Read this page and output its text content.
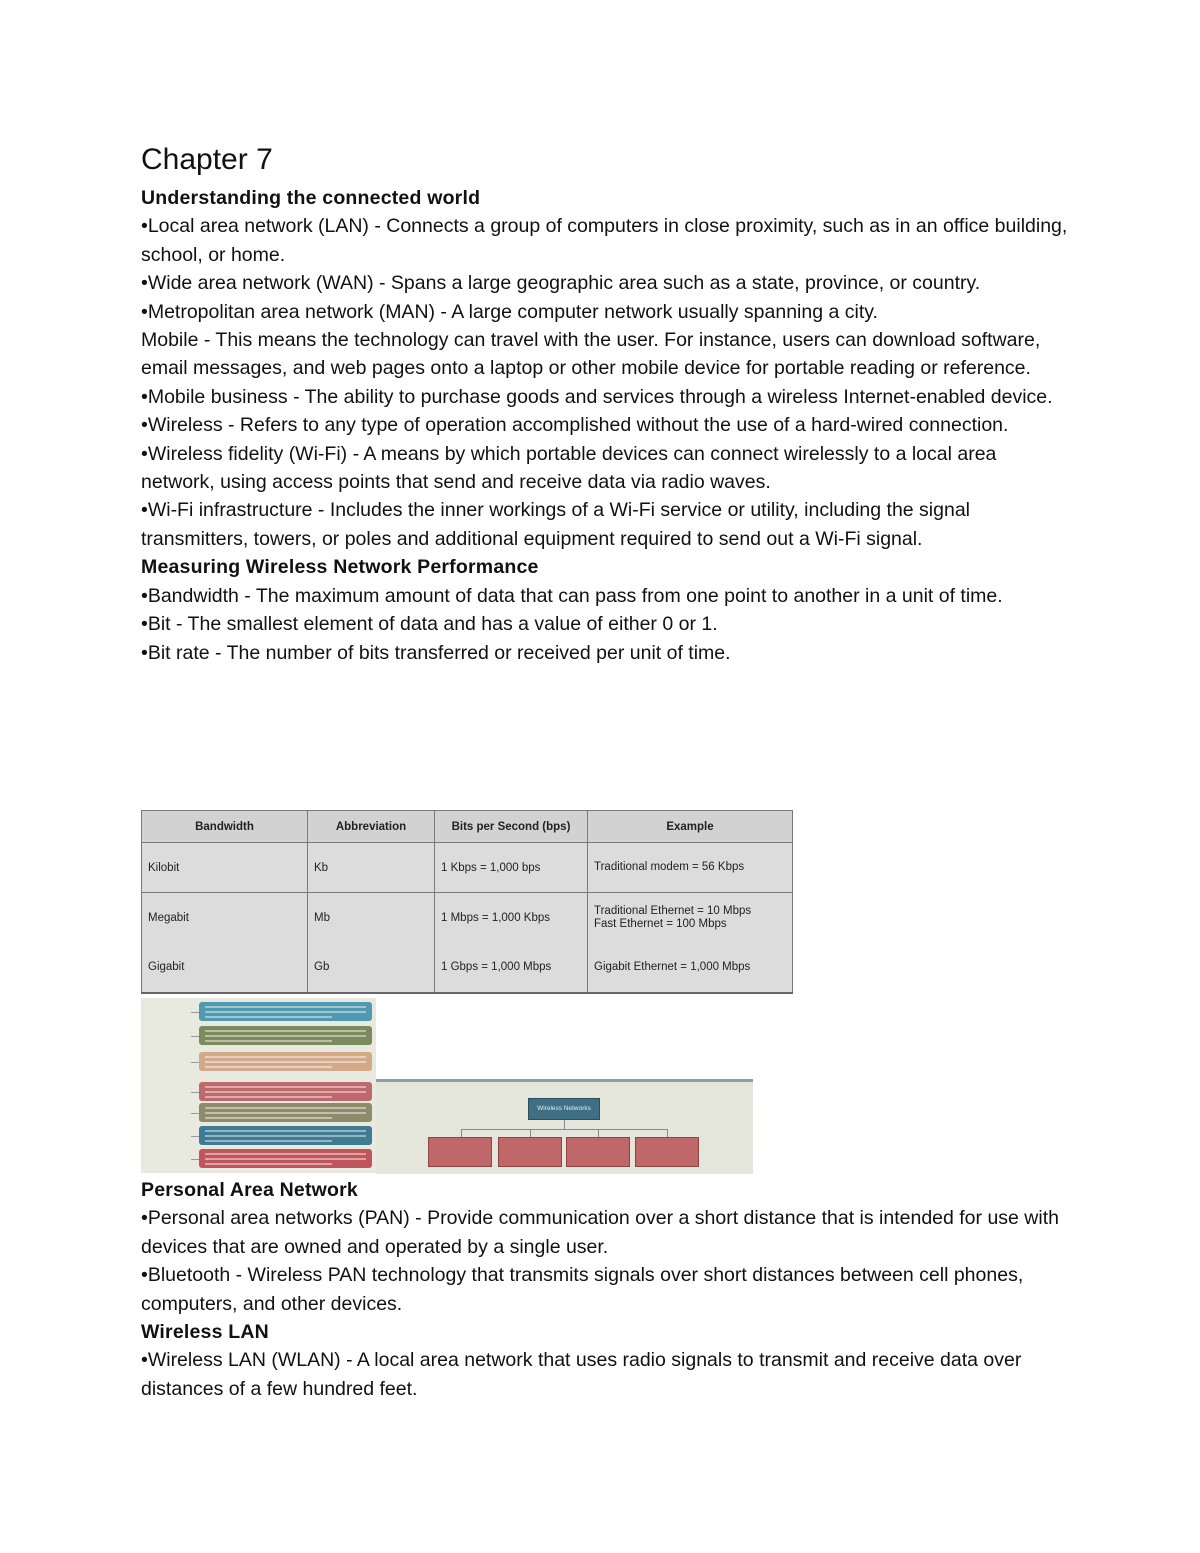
Chapter 7
Understanding the connected world
•Local area network (LAN) - Connects a group of computers in close proximity, such as in an office building, school, or home.
•Wide area network (WAN) - Spans a large geographic area such as a state, province, or country.
•Metropolitan area network (MAN) - A large computer network usually spanning a city.
Mobile - This means the technology can travel with the user. For instance, users can download software, email messages, and web pages onto a laptop or other mobile device for portable reading or reference.
•Mobile business - The ability to purchase goods and services through a wireless Internet-enabled device.
•Wireless - Refers to any type of operation accomplished without the use of a hard-wired connection.
•Wireless fidelity (Wi-Fi) - A means by which portable devices can connect wirelessly to a local area network, using access points that send and receive data via radio waves.
•Wi-Fi infrastructure - Includes the inner workings of a Wi-Fi service or utility, including the signal transmitters, towers, or poles and additional equipment required to send out a Wi-Fi signal.
Measuring Wireless Network Performance
•Bandwidth - The maximum amount of data that can pass from one point to another in a unit of time.
•Bit - The smallest element of data and has a value of either 0 or 1.
•Bit rate - The number of bits transferred or received per unit of time.
Bandwidth	Abbreviation	Bits per Second (bps)	Example
Kilobit	Kb	1 Kbps = 1,000 bps	Traditional modem = 56 Kbps
Megabit	Mb	1 Mbps = 1,000 Kbps	Traditional Ethernet = 10 Mbps
Fast Ethernet = 100 Mbps

Gigabit	Gb	1 Gbps = 1,000 Mbps	Gigabit Ethernet = 1,000 Mbps
Wireless Networks
Personal Area Network
•Personal area networks (PAN) - Provide communication over a short distance that is intended for use with devices that are owned and operated by a single user.
•Bluetooth - Wireless PAN technology that transmits signals over short distances between cell phones, computers, and other devices.
Wireless LAN
•Wireless LAN (WLAN) - A local area network that uses radio signals to transmit and receive data over distances of a few hundred feet.
